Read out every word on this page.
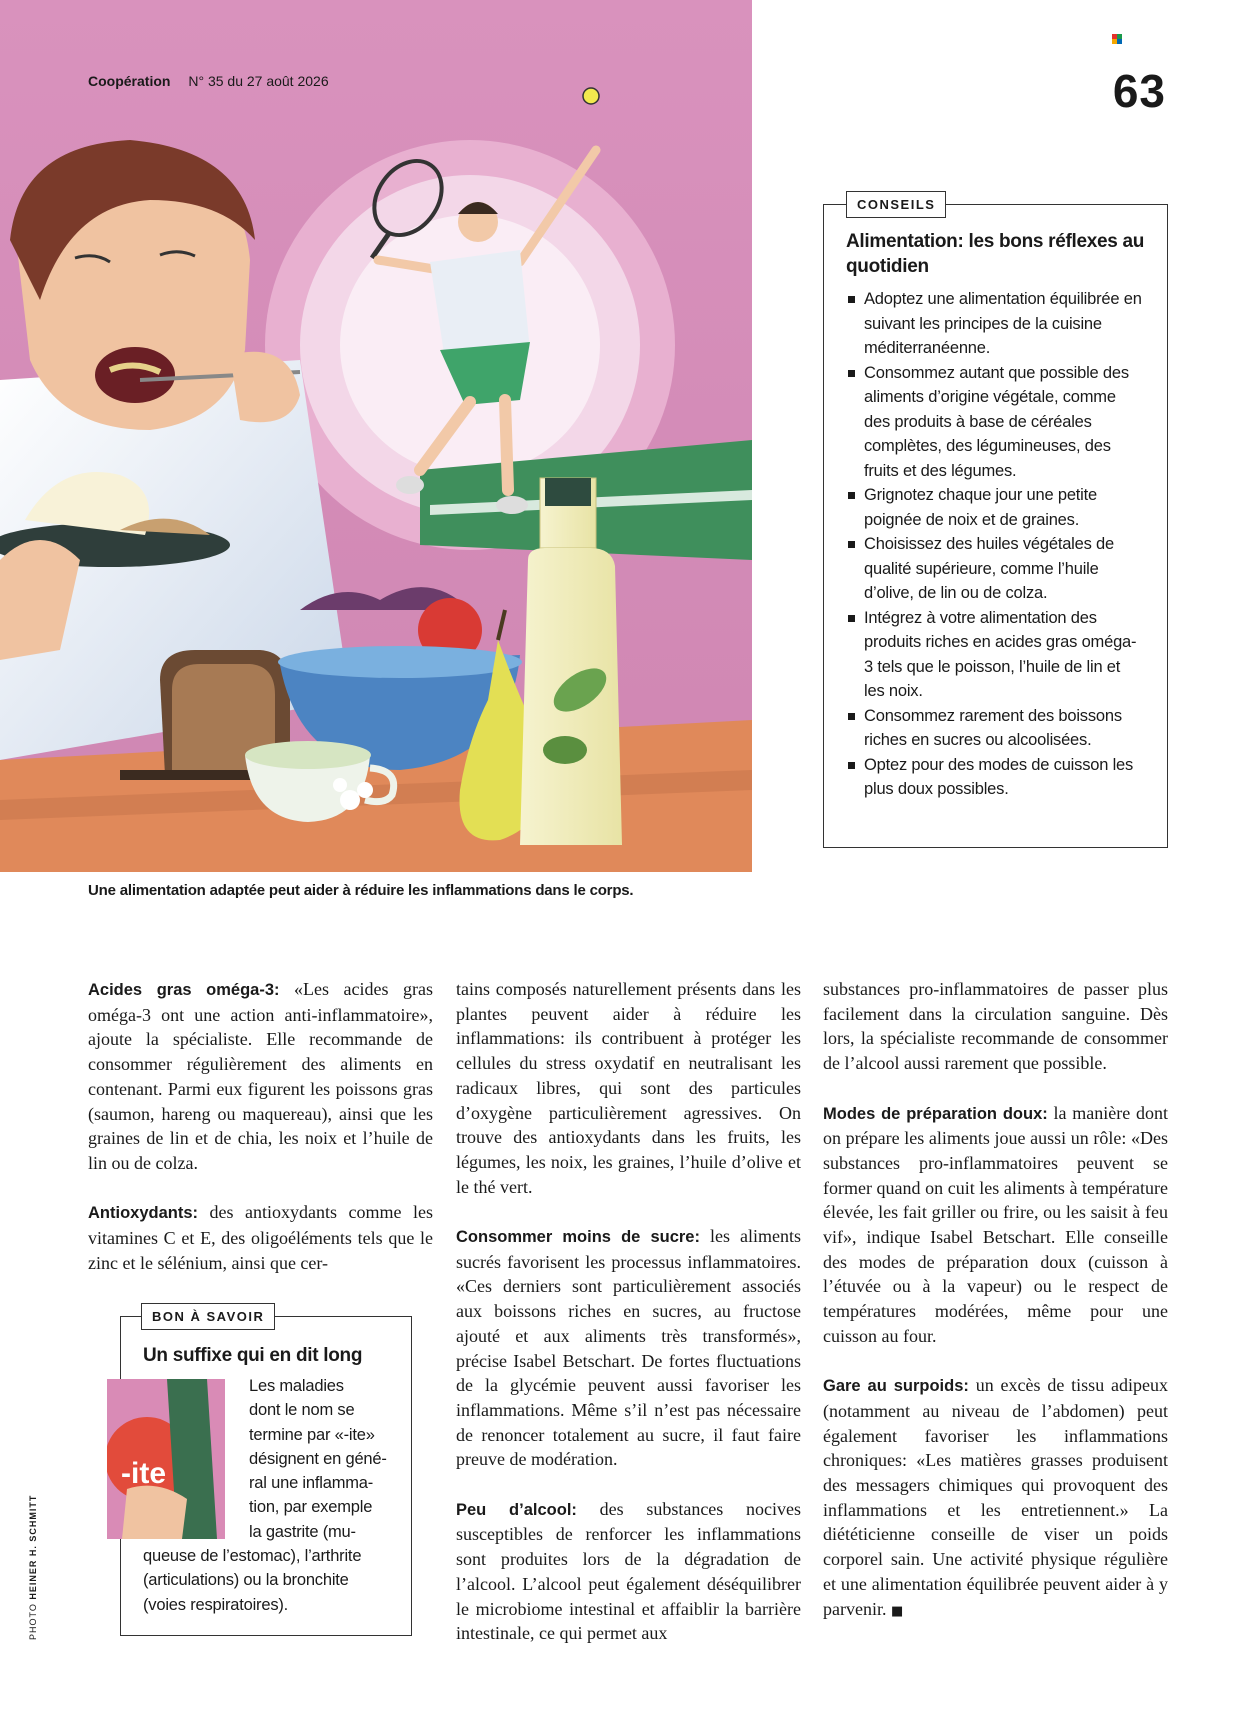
Coopération N° 35 du 27 août 2026	63
CONSEILS
Alimentation: les bons réflexes au quotidien
Adoptez une alimentation équilibrée en suivant les principes de la cuisine méditerranéenne.
Consommez autant que possible des aliments d’origine végétale, comme des produits à base de céréales complètes, des légumineuses, des fruits et des légumes.
Grignotez chaque jour une petite poignée de noix et de graines.
Choisissez des huiles végétales de qualité supérieure, comme l’huile d’olive, de lin ou de colza.
Intégrez à votre alimentation des produits riches en acides gras oméga-3 tels que le poisson, l’huile de lin et les noix.
Consommez rarement des boissons riches en sucres ou alcoolisées.
Optez pour des modes de cuisson les plus doux possibles.
Une alimentation adaptée peut aider à réduire les inflammations dans le corps.

Acides gras oméga-3: «Les acides gras oméga-3 ont une action anti-inflammatoire», ajoute la spécialiste. Elle recommande de consommer régulièrement des aliments en contenant. Parmi eux figurent les poissons gras (saumon, hareng ou maquereau), ainsi que les graines de lin et de chia, les noix et l’huile de lin ou de colza.

Antioxydants: des antioxydants comme les vitamines C et E, des oligoéléments tels que le zinc et le sélénium, ainsi que cer-

BON À SAVOIR
Un suffixe qui en dit long
-ite
Les maladies
dont le nom se
termine par «-ite»
désignent en géné-
ral une inflamma-
tion, par exemple
la gastrite (mu-
queuse de l’estomac), l’arthrite (articulations) ou la bronchite (voies respiratoires).

tains composés naturellement présents dans les plantes peuvent aider à réduire les inflammations: ils contribuent à protéger les cellules du stress oxydatif en neutralisant les radicaux libres, qui sont des particules d’oxygène particulièrement agressives. On trouve des antioxydants dans les fruits, les légumes, les noix, les graines, l’huile d’olive et le thé vert.

Consommer moins de sucre: les aliments sucrés favorisent les processus inflammatoires. «Ces derniers sont particulièrement associés aux boissons riches en sucres, au fructose ajouté et aux aliments très transformés», précise Isabel Betschart. De fortes fluctuations de la glycémie peuvent aussi favoriser les inflammations. Même s’il n’est pas nécessaire de renoncer totalement au sucre, il faut faire preuve de modération.

Peu d’alcool: des substances nocives susceptibles de renforcer les inflammations sont produites lors de la dégradation de l’alcool. L’alcool peut également déséquilibrer le microbiome intestinal et affaiblir la barrière intestinale, ce qui permet aux

substances pro-inflammatoires de passer plus facilement dans la circulation sanguine. Dès lors, la spécialiste recommande de consommer de l’alcool aussi rarement que possible.

Modes de préparation doux: la manière dont on prépare les aliments joue aussi un rôle: «Des substances pro-inflammatoires peuvent se former quand on cuit les aliments à température élevée, les fait griller ou frire, ou les saisit à feu vif», indique Isabel Betschart. Elle conseille des modes de préparation doux (cuisson à l’étuvée ou à la vapeur) ou le respect de températures modérées, même pour une cuisson au four.

Gare au surpoids: un excès de tissu adipeux (notamment au niveau de l’abdomen) peut également favoriser les inflammations chroniques: «Les matières grasses produisent des messagers chimiques qui provoquent des inflammations et les entretiennent.» La diététicienne conseille de viser un poids corporel sain. Une activité physique régulière et une alimentation équilibrée peuvent aider à y parvenir. ■

PHOTO HEINER H. SCHMITT
